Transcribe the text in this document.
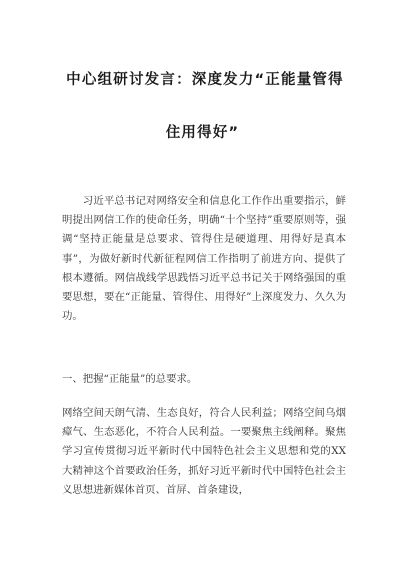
中心组研讨发言：深度发力“正能量管得
住用得好”
习近平总书记对网络安全和信息化工作作出重要指示，鲜明提出网信工作的使命任务，明确“十个坚持”重要原则等，强调“坚持正能量是总要求、管得住是硬道理、用得好是真本事”，为做好新时代新征程网信工作指明了前进方向、提供了根本遵循。网信战线学思践悟习近平总书记关于网络强国的重要思想，要在“正能量、管得住、用得好”上深度发力、久久为功。
一、把握“正能量”的总要求。
网络空间天朗气清、生态良好，符合人民利益；网络空间乌烟瘴气、生态恶化，不符合人民利益。一要聚焦主线阐释。聚焦学习宣传贯彻习近平新时代中国特色社会主义思想和党的XX大精神这个首要政治任务，抓好习近平新时代中国特色社会主义思想进新媒体首页、首屏、首条建设，
